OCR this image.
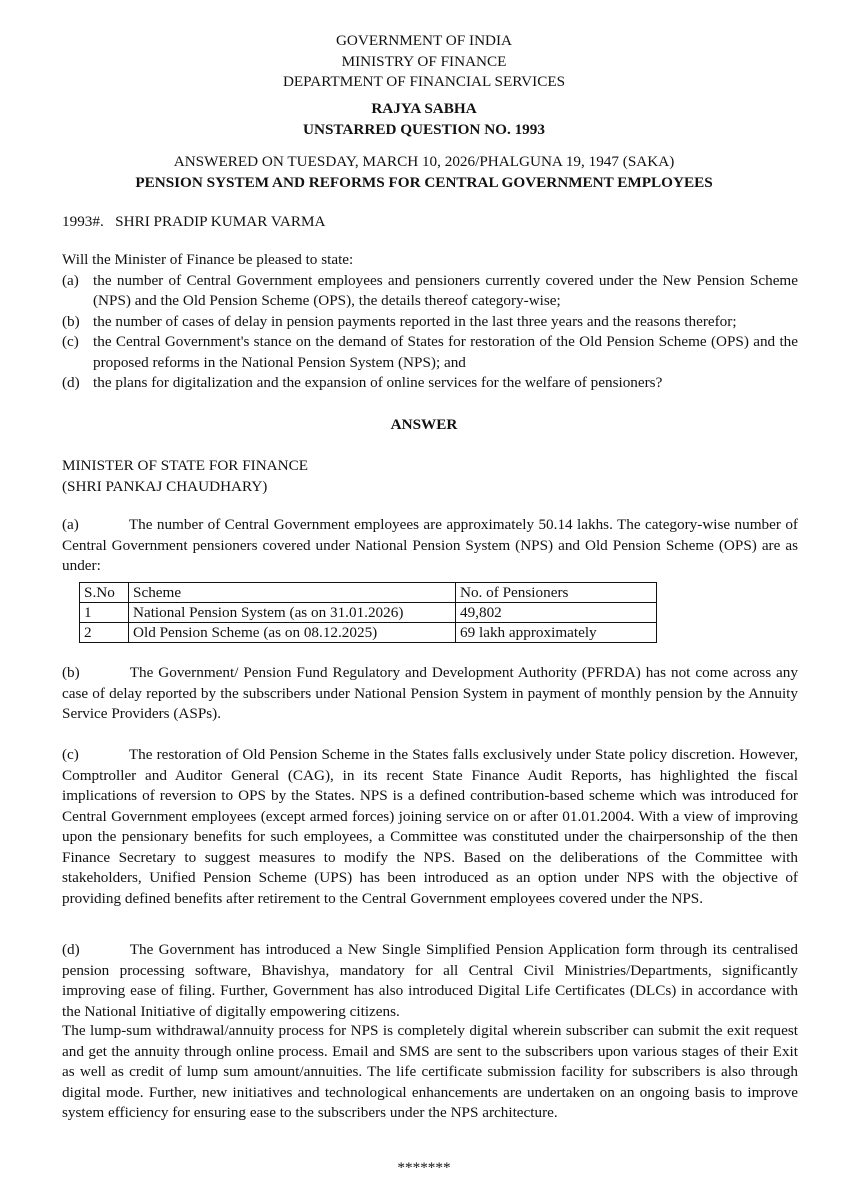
GOVERNMENT OF INDIA
MINISTRY OF FINANCE
DEPARTMENT OF FINANCIAL SERVICES
RAJYA SABHA
UNSTARRED QUESTION NO. 1993
ANSWERED ON TUESDAY, MARCH 10, 2026/PHALGUNA 19, 1947 (SAKA)
PENSION SYSTEM AND REFORMS FOR CENTRAL GOVERNMENT EMPLOYEES
1993#.   SHRI PRADIP KUMAR VARMA
Will the Minister of Finance be pleased to state:
(a) the number of Central Government employees and pensioners currently covered under the New Pension Scheme (NPS) and the Old Pension Scheme (OPS), the details thereof category-wise;
(b) the number of cases of delay in pension payments reported in the last three years and the reasons therefor;
(c) the Central Government's stance on the demand of States for restoration of the Old Pension Scheme (OPS) and the proposed reforms in the National Pension System (NPS); and
(d) the plans for digitalization and the expansion of online services for the welfare of pensioners?
ANSWER
MINISTER OF STATE FOR FINANCE
(SHRI PANKAJ CHAUDHARY)
(a)	The number of Central Government employees are approximately 50.14 lakhs. The category-wise number of Central Government pensioners covered under National Pension System (NPS) and Old Pension Scheme (OPS) are as under:
S.No	Scheme	No. of Pensioners
1	National Pension System (as on 31.01.2026)	49,802
2	Old Pension Scheme (as on 08.12.2025)	69 lakh approximately
(b)	The Government/ Pension Fund Regulatory and Development Authority (PFRDA) has not come across any case of delay reported by the subscribers under National Pension System in payment of monthly pension by the Annuity Service Providers (ASPs).
(c)	The restoration of Old Pension Scheme in the States falls exclusively under State policy discretion. However, Comptroller and Auditor General (CAG), in its recent State Finance Audit Reports, has highlighted the fiscal implications of reversion to OPS by the States. NPS is a defined contribution-based scheme which was introduced for Central Government employees (except armed forces) joining service on or after 01.01.2004. With a view of improving upon the pensionary benefits for such employees, a Committee was constituted under the chairpersonship of the then Finance Secretary to suggest measures to modify the NPS. Based on the deliberations of the Committee with stakeholders, Unified Pension Scheme (UPS) has been introduced as an option under NPS with the objective of providing defined benefits after retirement to the Central Government employees covered under the NPS.
(d)	The Government has introduced a New Single Simplified Pension Application form through its centralised pension processing software, Bhavishya, mandatory for all Central Civil Ministries/Departments, significantly improving ease of filing. Further, Government has also introduced Digital Life Certificates (DLCs) in accordance with the National Initiative of digitally empowering citizens.
The lump-sum withdrawal/annuity process for NPS is completely digital wherein subscriber can submit the exit request and get the annuity through online process. Email and SMS are sent to the subscribers upon various stages of their Exit as well as credit of lump sum amount/annuities. The life certificate submission facility for subscribers is also through digital mode. Further, new initiatives and technological enhancements are undertaken on an ongoing basis to improve system efficiency for ensuring ease to the subscribers under the NPS architecture.
*******
